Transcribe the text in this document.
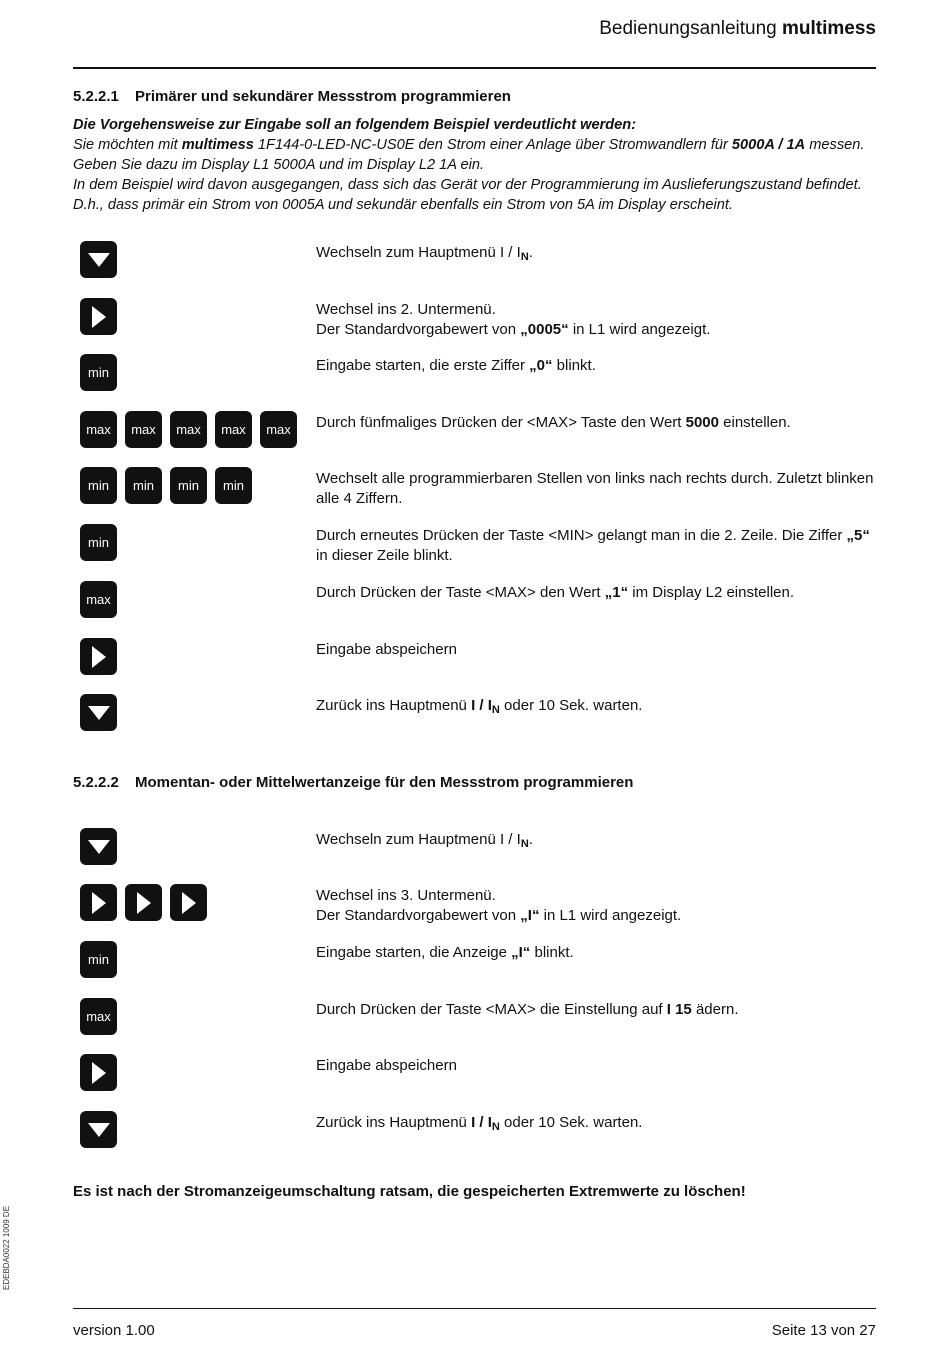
Bedienungsanleitung multimess
5.2.2.1 Primärer und sekundärer Messstrom programmieren

Die Vorgehensweise zur Eingabe soll an folgendem Beispiel verdeutlicht werden:

Sie möchten mit multimess 1F144-0-LED-NC-US0E den Strom einer Anlage über Stromwandlern für 5000A / 1A messen.

Geben Sie dazu im Display L1 5000A und im Display L2 1A ein.

In dem Beispiel wird davon ausgegangen, dass sich das Gerät vor der Programmierung im Auslieferungszustand befindet.

D.h., dass primär ein Strom von 0005A und sekundär ebenfalls ein Strom von 5A im Display erscheint.

Wechseln zum Hauptmenü I / $I_N$.

Wechsel ins 2. Untermenü.

Der Standardvorgabewert von „0005“ in L1 wird angezeigt.

min	Eingabe starten, die erste Ziffer „0“ blinkt.
max	max	max	max	max	Durch fünfmaliges Drücken der <MAX> Taste den Wert 5000 einstellen.
min	min	min	min	Wechselt alle programmierbaren Stellen von links nach rechts durch. Zuletzt blinken alle 4 Ziffern.
min	Durch erneutes Drücken der Taste <MIN> gelangt man in die 2. Zeile. Die Ziffer „5“ in dieser Zeile blinkt.
max	Durch Drücken der Taste <MAX> den Wert „1“ im Display L2 einstellen.
Eingabe abspeichern
Zurück ins Hauptmenü I / $I_N$ oder 10 Sek. warten.
5.2.2.2 Momentan- oder Mittelwertanzeige für den Messstrom programmieren
Wechseln zum Hauptmenü I / $I_N$.

Wechsel ins 3. Untermenü.

Der Standardvorgabewert von „I“ in L1 wird angezeigt.

min	Eingabe starten, die Anzeige „I“ blinkt.
max	Durch Drücken der Taste <MAX> die Einstellung auf I 15 ädern.
Eingabe abspeichern
Zurück ins Hauptmenü I / $I_N$ oder 10 Sek. warten.
Es ist nach der Stromanzeigeumschaltung ratsam, die gespeicherten Extremwerte zu löschen!
EDEBDA0022 1009 DE
version 1.00	Seite 13 von 27
